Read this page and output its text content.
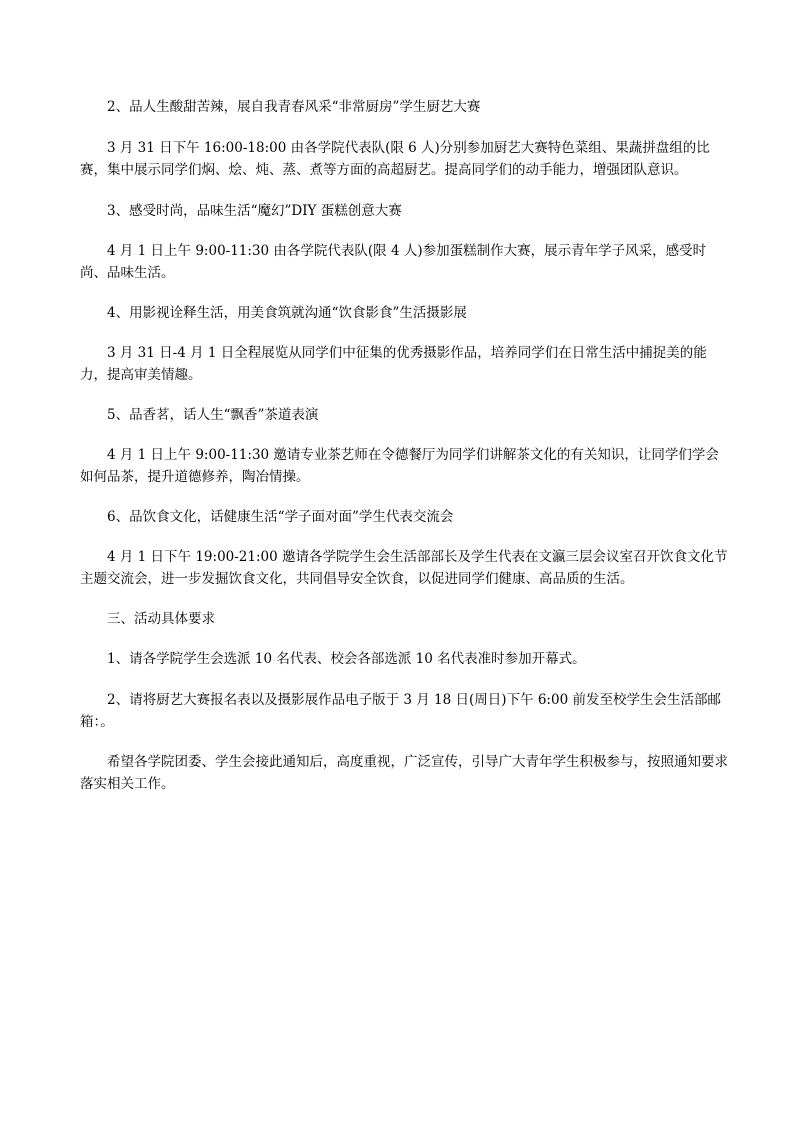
2、品人生酸甜苦辣，展自我青春风采“非常厨房”学生厨艺大赛

3 月 31 日下午 16:00-18:00 由各学院代表队(限 6 人)分别参加厨艺大赛特色菜组、果蔬拼盘组的比赛，集中展示同学们焖、烩、炖、蒸、煮等方面的高超厨艺。提高同学们的动手能力，增强团队意识。

3、感受时尚，品味生活“魔幻”DIY 蛋糕创意大赛

4 月 1 日上午 9:00-11:30 由各学院代表队(限 4 人)参加蛋糕制作大赛，展示青年学子风采，感受时尚、品味生活。

4、用影视诠释生活，用美食筑就沟通“饮食影食”生活摄影展

3 月 31 日-4 月 1 日全程展览从同学们中征集的优秀摄影作品，培养同学们在日常生活中捕捉美的能力，提高审美情趣。

5、品香茗，话人生“飘香”茶道表演

4 月 1 日上午 9:00-11:30 邀请专业茶艺师在令德餐厅为同学们讲解茶文化的有关知识，让同学们学会如何品茶，提升道德修养，陶冶情操。

6、品饮食文化，话健康生活“学子面对面”学生代表交流会

4 月 1 日下午 19:00-21:00 邀请各学院学生会生活部部长及学生代表在文瀛三层会议室召开饮食文化节主题交流会，进一步发掘饮食文化，共同倡导安全饮食，以促进同学们健康、高品质的生活。

三、活动具体要求

1、请各学院学生会选派 10 名代表、校会各部选派 10 名代表准时参加开幕式。

2、请将厨艺大赛报名表以及摄影展作品电子版于 3 月 18 日(周日)下午 6:00 前发至校学生会生活部邮箱：。

希望各学院团委、学生会接此通知后，高度重视，广泛宣传，引导广大青年学生积极参与，按照通知要求落实相关工作。
